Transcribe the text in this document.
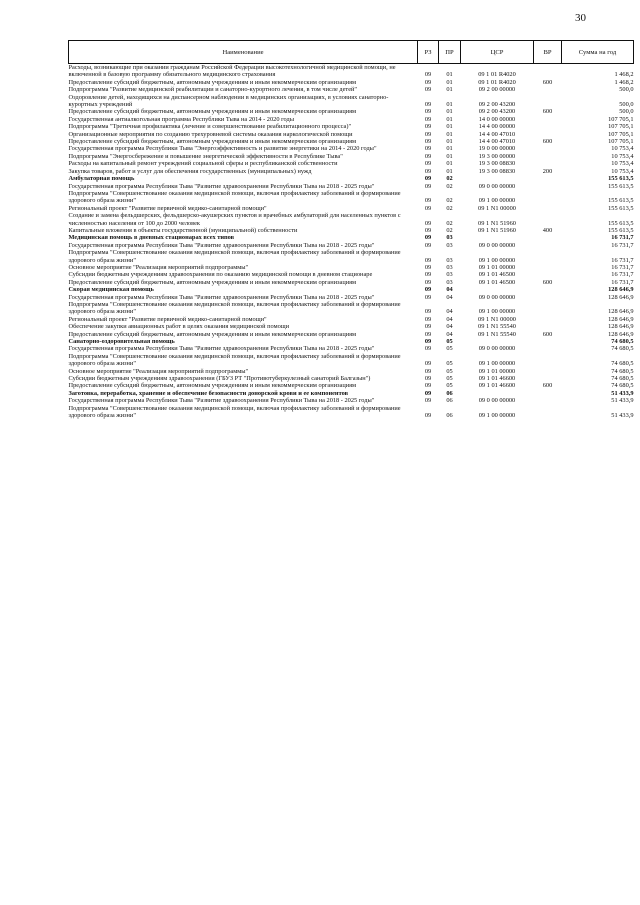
30
Наименование	РЗ	ПР	ЦСР	ВР	Сумма на год
Расходы, возникающие при оказании гражданам Российской Федерации высокотехнологичной медицинской помощи, не включенной в базовую программу обязательного медицинского страхования	09	01	09 1 01 R4020		1 468,2
Предоставление субсидий бюджетным, автономным учреждениям и иным некоммерческим организациям	09	01	09 1 01 R4020	600	1 468,2
Подпрограмма "Развитие медицинской реабилитации и санаторно-курортного лечения, в том числе детей"	09	01	09 2 00 00000		500,0
Оздоровление детей, находящихся на диспансерном наблюдении в медицинских организациях, в условиях санаторно-курортных учреждений	09	01	09 2 00 43200		500,0
Предоставление субсидий бюджетным, автономным учреждениям и иным некоммерческим организациям	09	01	09 2 00 43200	600	500,0
Государственная антиалкогольная программа Республики Тыва на 2014 - 2020 годы	09	01	14 0 00 00000		107 705,1
Подпрограмма "Третичная профилактика (лечение и совершенствование реабилитационного процесса)"	09	01	14 4 00 00000		107 705,1
Организационные мероприятия по созданию трехуровневой системы оказания наркологической помощи	09	01	14 4 00 47010		107 705,1
Предоставление субсидий бюджетным, автономным учреждениям и иным некоммерческим организациям	09	01	14 4 00 47010	600	107 705,1
Государственная программа Республики Тыва "Энергоэффективность и развитие энергетики на 2014 - 2020 годы"	09	01	19 0 00 00000		10 753,4
Подпрограмма "Энергосбережение и повышение энергетической эффективности в Республике Тыва"	09	01	19 3 00 00000		10 753,4
Расходы на капитальный ремонт учреждений социальной сферы и республиканской собственности	09	01	19 3 00 08830		10 753,4
Закупка товаров, работ и услуг для обеспечения государственных (муниципальных) нужд	09	01	19 3 00 08830	200	10 753,4
Амбулаторная помощь	09	02			155 613,5
Государственная программа Республики Тыва "Развитие здравоохранения Республики Тыва на 2018 - 2025 годы"	09	02	09 0 00 00000		155 613,5
Подпрограмма "Совершенствование оказания медицинской помощи, включая профилактику заболеваний и формирование здорового образа жизни"	09	02	09 1 00 00000		155 613,5
Региональный проект "Развитие первичной медико-санитарной помощи"	09	02	09 1 N1 00000		155 613,5
Создание и замена фельдшерских, фельдшерско-акушерских пунктов и врачебных амбулаторий для населенных пунктов с численностью населения от 100 до 2000 человек	09	02	09 1 N1 51960		155 613,5
Капитальные вложения в объекты государственной (муниципальной) собственности	09	02	09 1 N1 51960	400	155 613,5
Медицинская помощь в дневных стационарах всех типов	09	03			16 731,7
Государственная программа Республики Тыва "Развитие здравоохранения Республики Тыва на 2018 - 2025 годы"	09	03	09 0 00 00000		16 731,7
Подпрограмма "Совершенствование оказания медицинской помощи, включая профилактику заболеваний и формирование здорового образа жизни"	09	03	09 1 00 00000		16 731,7
Основное мероприятие "Реализация мероприятий подпрограммы"	09	03	09 1 01 00000		16 731,7
Субсидии бюджетным учреждениям здравоохранения по оказанию медицинской помощи в дневном стационаре	09	03	09 1 01 46500		16 731,7
Предоставление субсидий бюджетным, автономным учреждениям и иным некоммерческим организациям	09	03	09 1 01 46500	600	16 731,7
Скорая медицинская помощь	09	04			128 646,9
Государственная программа Республики Тыва "Развитие здравоохранения Республики Тыва на 2018 - 2025 годы"	09	04	09 0 00 00000		128 646,9
Подпрограмма "Совершенствование оказания медицинской помощи, включая профилактику заболеваний и формирование здорового образа жизни"	09	04	09 1 00 00000		128 646,9
Региональный проект "Развитие первичной медико-санитарной помощи"	09	04	09 1 N1 00000		128 646,9
Обеспечение закупки авиационных работ в целях оказания медицинской помощи	09	04	09 1 N1 55540		128 646,9
Предоставление субсидий бюджетным, автономным учреждениям и иным некоммерческим организациям	09	04	09 1 N1 55540	600	128 646,9
Санаторно-оздоровительная помощь	09	05			74 680,5
Государственная программа Республики Тыва "Развитие здравоохранения Республики Тыва на 2018 - 2025 годы"	09	05	09 0 00 00000		74 680,5
Подпрограмма "Совершенствование оказания медицинской помощи, включая профилактику заболеваний и формирование здорового образа жизни"	09	05	09 1 00 00000		74 680,5
Основное мероприятие "Реализация мероприятий подпрограммы"	09	05	09 1 01 00000		74 680,5
Субсидии бюджетным учреждениям здравоохранения (ГБУЗ РТ "Противотуберкулезный санаторий Балгазын")	09	05	09 1 01 46600		74 680,5
Предоставление субсидий бюджетным, автономным учреждениям и иным некоммерческим организациям	09	05	09 1 01 46600	600	74 680,5
Заготовка, переработка, хранение и обеспечение безопасности донорской крови и ее компонентов	09	06			51 433,9
Государственная программа Республики Тыва "Развитие здравоохранения Республики Тыва на 2018 - 2025 годы"	09	06	09 0 00 00000		51 433,9
Подпрограмма "Совершенствование оказания медицинской помощи, включая профилактику заболеваний и формирование здорового образа жизни"	09	06	09 1 00 00000		51 433,9
